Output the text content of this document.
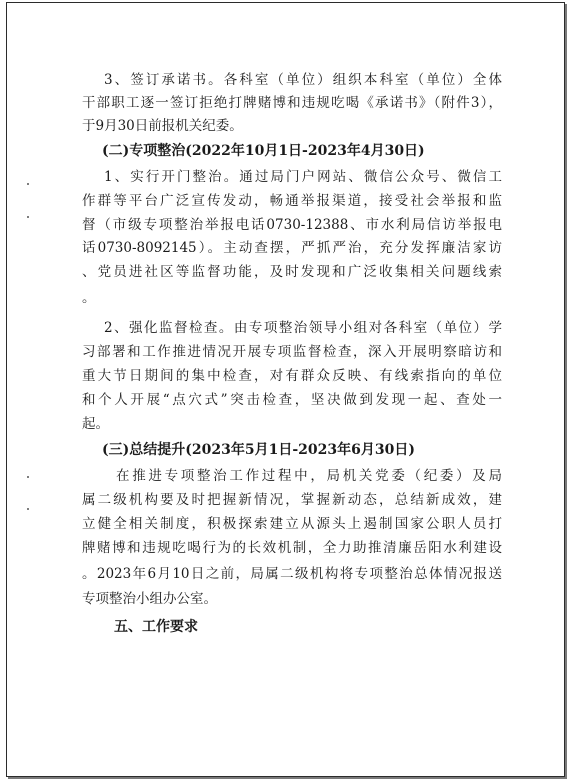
3、签订承诺书。各科室（单位）组织本科室（单位）全体
干部职工逐一签订拒绝打牌赌博和违规吃喝《承诺书》（附件3），
于9月30日前报机关纪委。
(二)专项整治(2022年10月1日-2023年4月30日)
1、实行开门整治。通过局门户网站、微信公众号、微信工
作群等平台广泛宣传发动，畅通举报渠道，接受社会举报和监
督（市级专项整治举报电话0730-12388、市水利局信访举报电
话0730-8092145）。主动查摆，严抓严治，充分发挥廉洁家访
、党员进社区等监督功能，及时发现和广泛收集相关问题线索
。
2、强化监督检查。由专项整治领导小组对各科室（单位）学
习部署和工作推进情况开展专项监督检查，深入开展明察暗访和
重大节日期间的集中检查，对有群众反映、有线索指向的单位
和个人开展“点穴式”突击检查，坚决做到发现一起、查处一
起。
(三)总结提升(2023年5月1日-2023年6月30日)
在推进专项整治工作过程中，局机关党委（纪委）及局
属二级机构要及时把握新情况，掌握新动态，总结新成效，建
立健全相关制度，积极探索建立从源头上遏制国家公职人员打
牌赌博和违规吃喝行为的长效机制，全力助推清廉岳阳水利建设
。2023年6月10日之前，局属二级机构将专项整治总体情况报送
专项整治小组办公室。
五、工作要求
